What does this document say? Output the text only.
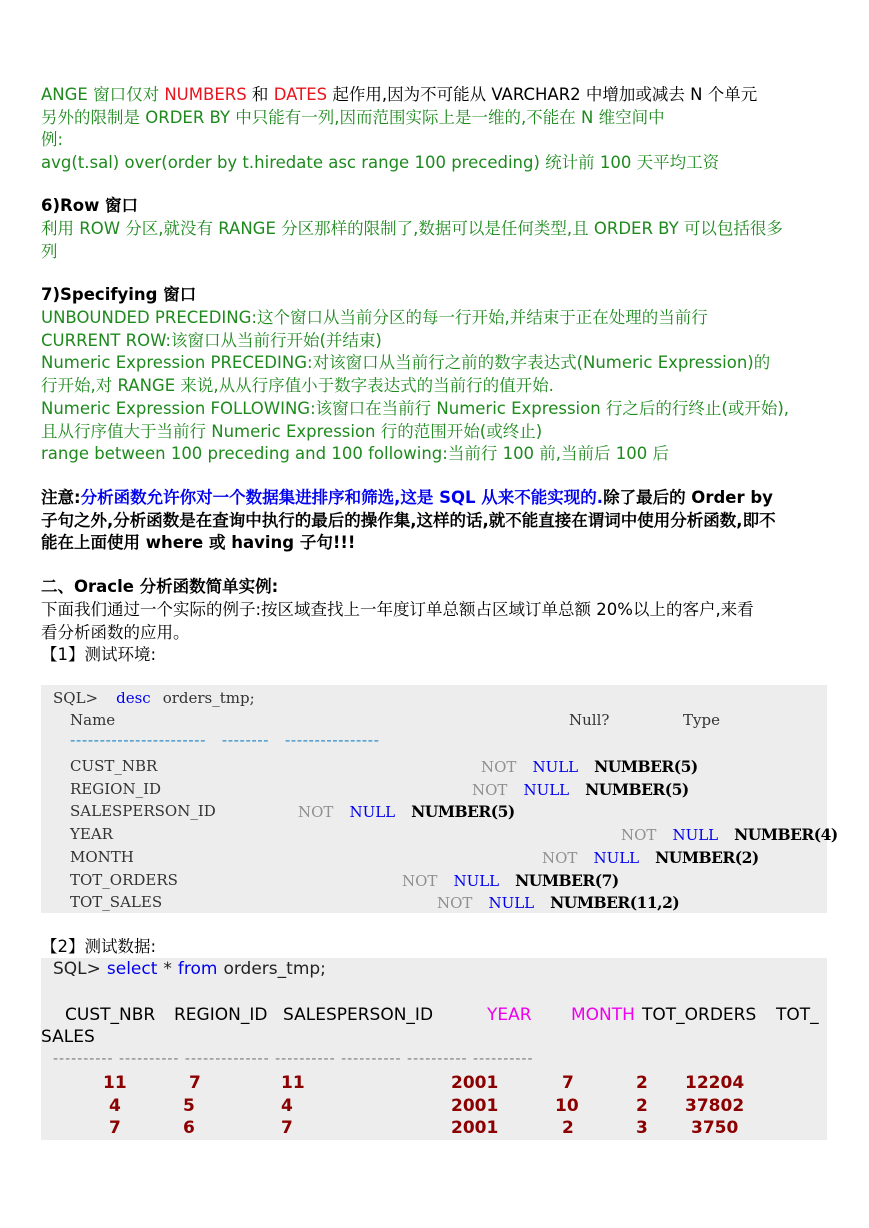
ANGE 窗口仅对 NUMBERS 和 DATES 起作用,因为不可能从 VARCHAR2 中增加或减去 N 个单元
另外的限制是 ORDER BY 中只能有一列,因而范围实际上是一维的,不能在 N 维空间中
例:
avg(t.sal) over(order by t.hiredate asc range 100 preceding) 统计前 100 天平均工资
6)Row 窗口
利用 ROW 分区,就没有 RANGE 分区那样的限制了,数据可以是任何类型,且 ORDER BY 可以包括很多
列
7)Specifying 窗口
UNBOUNDED PRECEDING:这个窗口从当前分区的每一行开始,并结束于正在处理的当前行
CURRENT ROW:该窗口从当前行开始(并结束)
Numeric Expression PRECEDING:对该窗口从当前行之前的数字表达式(Numeric Expression)的
行开始,对 RANGE 来说,从从行序值小于数字表达式的当前行的值开始.
Numeric Expression FOLLOWING:该窗口在当前行 Numeric Expression 行之后的行终止(或开始),
且从行序值大于当前行 Numeric Expression 行的范围开始(或终止)
range between 100 preceding and 100 following:当前行 100 前,当前后 100 后
注意:分析函数允许你对一个数据集进排序和筛选,这是 SQL 从来不能实现的.除了最后的 Order by
子句之外,分析函数是在查询中执行的最后的操作集,这样的话,就不能直接在谓词中使用分析函数,即不
能在上面使用 where 或 having 子句!!!
二、Oracle 分析函数简单实例:
下面我们通过一个实际的例子:按区域查找上一年度订单总额占区域订单总额 20%以上的客户,来看
看分析函数的应用。
【1】测试环境:
SQL> desc orders_tmp;
Name	Null?	Type
-----------------------   --------   ----------------
CUST_NBR	NOT NULL NUMBER(5)
REGION_ID	NOT NULL NUMBER(5)
SALESPERSON_ID	NOT NULL NUMBER(5)
YEAR	NOT NULL NUMBER(4)
MONTH	NOT NULL NUMBER(2)
TOT_ORDERS	NOT NULL NUMBER(7)
TOT_SALES	NOT NULL NUMBER(11,2)
【2】测试数据:
SQL> select * from orders_tmp;
CUST_NBR REGION_ID SALESPERSON_ID	YEAR MONTH TOT_ORDERS TOT_
SALES
---------- ---------- -------------- ---------- ---------- ---------- ----------
11	7	11	2001	7	2 12204
4	5	4	2001	10	2 37802
7	6	7	2001	2	3	3750
